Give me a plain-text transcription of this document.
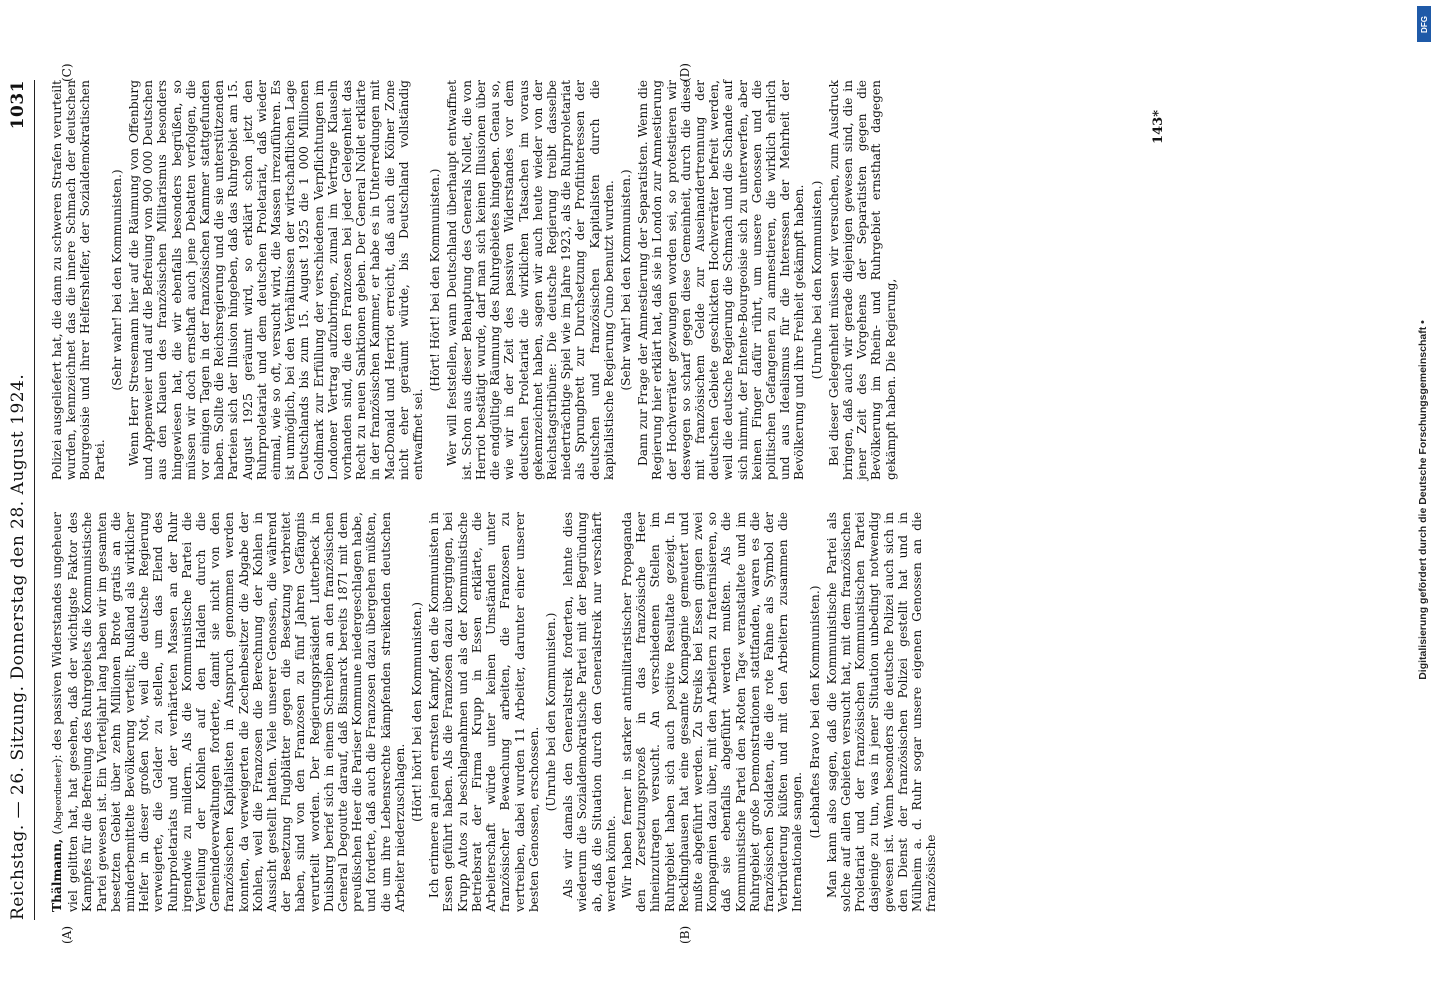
Reichstag. — 26. Sitzung. Donnerstag den 28. August 1924.
1031
(A)	(B)
(C)	(D)

Thälmann, (Abgeordneter): des passiven Widerstandes ungeheuer viel gelitten hat, hat gesehen, daß der wichtigste Faktor des Kampfes für die Befreiung des Ruhrgebiets die Kommunistische Partei gewesen ist. Ein Vierteljahr lang haben wir im gesamten besetzten Gebiet über zehn Millionen Brote gratis an die minderbemittelte Bevölkerung verteilt; Rußland als wirklicher Helfer in dieser großen Not, weil die deutsche Regierung verweigerte, die Gelder zu stellen, um das Elend des Ruhrproletariats und der verhärteten Massen an der Ruhr irgendwie zu mildern. Als die Kommunistische Partei die Verteilung der Kohlen auf den Halden durch die Gemeindeverwaltungen forderte, damit sie nicht von den französischen Kapitalisten in Anspruch genommen werden konnten, da verweigerten die Zechenbesitzer die Abgabe der Kohlen, weil die Franzosen die Berechnung der Kohlen in Aussicht gestellt hatten. Viele unserer Genossen, die während der Besetzung Flugblätter gegen die Besetzung verbreitet haben, sind von den Franzosen zu fünf Jahren Gefängnis verurteilt worden. Der Regierungspräsident Lutterbeck in Duisburg berief sich in einem Schreiben an den französischen General Degoutte darauf, daß Bismarck bereits 1871 mit dem preußischen Heer die Pariser Kommune niedergeschlagen habe, und forderte, daß auch die Franzosen dazu übergehen müßten, die um ihre Lebensrechte kämpfenden streikenden deutschen Arbeiter niederzuschlagen.

(Hört! hört! bei den Kommunisten.) Ich erinnere an jenen ernsten Kampf, den die Kommunisten in Essen geführt haben. Als die Franzosen dazu übergingen, bei Krupp Autos zu beschlagnahmen und als der Kommunistische Betriebsrat der Firma Krupp in Essen erklärte, die Arbeiterschaft würde unter keinen Umständen unter französischer Bewachung arbeiten, die Franzosen zu vertreiben, dabei wurden 11 Arbeiter, darunter einer unserer besten Genossen, erschossen.

(Unruhe bei den Kommunisten.) Als wir damals den Generalstreik forderten, lehnte dies wiederum die Sozialdemokratische Partei mit der Begründung ab, daß die Situation durch den Generalstreik nur verschärft werden könnte. Wir haben ferner in starker antimilitaristischer Propaganda den Zersetzungsprozeß in das französische Heer hineinzutragen versucht. An verschiedenen Stellen im Ruhrgebiet haben sich auch positive Resultate gezeigt. In Recklinghausen hat eine gesamte Kompagnie gemeutert und mußte abgeführt werden. Zu Streiks bei Essen gingen zwei Kompagnien dazu über, mit den Arbeitern zu fraternisieren, so daß sie ebenfalls abgeführt werden mußten. Als die Kommunistische Partei den »Roten Tag« veranstaltete und im Ruhrgebiet große Demonstrationen stattfanden, waren es die französischen Soldaten, die die rote Fahne als Symbol der Verbrüderung küßten und mit den Arbeitern zusammen die Internationale sangen.

(Lebhaftes Bravo bei den Kommunisten.) Man kann also sagen, daß die Kommunistische Partei als solche auf allen Gebieten versucht hat, mit dem französischen Proletariat und der französischen Kommunistischen Partei dasjenige zu tun, was in jener Situation unbedingt notwendig gewesen ist. Wenn besonders die deutsche Polizei auch sich in den Dienst der französischen Polizei gestellt hat und in Mülheim a. d. Ruhr sogar unsere eigenen Genossen an die französische

Polizei ausgeliefert hat, die dann zu schweren Strafen verurteilt wurden, kennzeichnet das die innere Schmach der deutschen Bourgeoisie und ihrer Helfershelfer, der Sozialdemokratischen Partei.

(Sehr wahr! bei den Kommunisten.) Wenn Herr Stresemann hier auf die Räumung von Offenburg und Appenweier und auf die Befreiung von 900 000 Deutschen aus den Klauen des französischen Militarismus besonders hingewiesen hat, die wir ebenfalls besonders begrüßen, so müssen wir doch ernsthaft auch jene Debatten verfolgen, die vor einigen Tagen in der französischen Kammer stattgefunden haben. Sollte die Reichsregierung und die sie unterstützenden Parteien sich der Illusion hingeben, daß das Ruhrgebiet am 15. August 1925 geräumt wird, so erklärt schon jetzt den Ruhrproletariat und dem deutschen Proletariat, daß wieder einmal, wie so oft, versucht wird, die Massen irrezuführen. Es ist unmöglich, bei den Verhältnissen der wirtschaftlichen Lage Deutschlands bis zum 15. August 1925 die 1 000 Millionen Goldmark zur Erfüllung der verschiedenen Verpflichtungen im Londoner Vertrag aufzubringen, zumal im Vertrage Klauseln vorhanden sind, die den Franzosen bei jeder Gelegenheit das Recht zu neuen Sanktionen geben. Der General Nollet erklärte in der französischen Kammer, er habe es in Unterredungen mit MacDonald und Herriot erreicht, daß auch die Kölner Zone nicht eher geräumt würde, bis Deutschland vollständig entwaffnet sei.

(Hört! Hört! bei den Kommunisten.) Wer will feststellen, wann Deutschland überhaupt entwaffnet ist. Schon aus dieser Behauptung des Generals Nollet, die von Herriot bestätigt wurde, darf man sich keinen Illusionen über die endgültige Räumung des Ruhrgebietes hingeben. Genau so, wie wir in der Zeit des passiven Widerstandes vor dem deutschen Proletariat die wirklichen Tatsachen im voraus gekennzeichnet haben, sagen wir auch heute wieder von der Reichstagstribüne: Die deutsche Regierung treibt dasselbe niederträchtige Spiel wie im Jahre 1923, als die Ruhrproletariat als Sprungbrett zur Durchsetzung der Profitinteressen der deutschen und französischen Kapitalisten durch die kapitalistische Regierung Cuno benutzt wurden. (Sehr wahr! bei den Kommunisten.) Dann zur Frage der Amnestierung der Separatisten. Wenn die Regierung hier erklärt hat, daß sie in London zur Amnestierung der Hochverräter gezwungen worden sei, so protestieren wir deswegen so scharf gegen diese Gemeinheit, durch die diese mit französischem Gelde zur Auseinandertrennung der deutschen Gebiete geschickten Hochverräter befreit werden, weil die deutsche Regierung die Schmach und die Schande auf sich nimmt, der Entente-Bourgeoisie sich zu unterwerfen, aber keinen Finger dafür rührt, um unsere Genossen und die politischen Gefangenen zu amnestieren, die wirklich ehrlich und aus Idealismus für die Interessen der Mehrheit der Bevölkerung und ihre Freiheit gekämpft haben. (Unruhe bei den Kommunisten.) Bei dieser Gelegenheit müssen wir versuchen, zum Ausdruck bringen, daß auch wir gerade diejenigen gewesen sind, die in jener Zeit des Vorgehens der Separatisten gegen die Bevölkerung im Rhein- und Ruhrgebiet ernsthaft dagegen gekämpft haben. Die Regierung,

143*
DFG
Digitalisierung gefördert durch die Deutsche Forschungsgemeinschaft •
